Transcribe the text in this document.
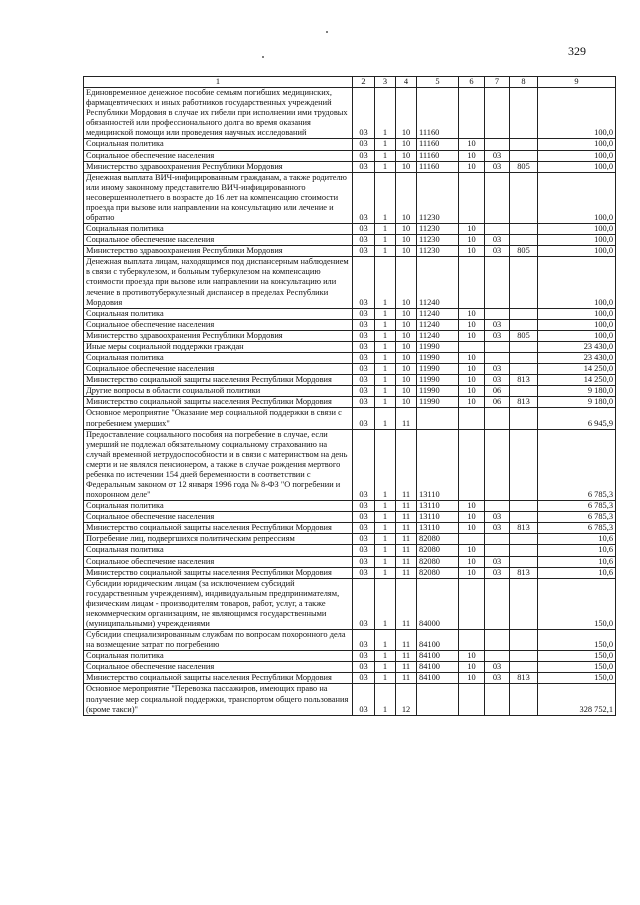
329
1	2	3	4	5	6	7	8	9
Единовременное денежное пособие семьям погибших медицинских, фармацевтических и иных работников государственных учреждений Республики Мордовия в случае их гибели при исполнении ими трудовых обязанностей или профессионального долга во время оказания медицинской помощи или проведения научных исследований	03	1	10	11160				100,0
Социальная политика	03	1	10	11160	10			100,0
Социальное обеспечение населения	03	1	10	11160	10	03		100,0
Министерство здравоохранения Республики Мордовия	03	1	10	11160	10	03	805	100,0
Денежная выплата ВИЧ-инфицированным гражданам, а также родителю или иному законному представителю ВИЧ-инфицированного несовершеннолетнего в возрасте до 16 лет на компенсацию стоимости проезда при вызове или направлении на консультацию или лечение и обратно	03	1	10	11230				100,0
Социальная политика	03	1	10	11230	10			100,0
Социальное обеспечение населения	03	1	10	11230	10	03		100,0
Министерство здравоохранения Республики Мордовия	03	1	10	11230	10	03	805	100,0
Денежная выплата лицам, находящимся под диспансерным наблюдением в связи с туберкулезом, и больным туберкулезом на компенсацию стоимости проезда при вызове или направлении на консультацию или лечение в противотуберкулезный диспансер в пределах Республики Мордовия	03	1	10	11240				100,0
Социальная политика	03	1	10	11240	10			100,0
Социальное обеспечение населения	03	1	10	11240	10	03		100,0
Министерство здравоохранения Республики Мордовия	03	1	10	11240	10	03	805	100,0
Иные меры социальной поддержки граждан	03	1	10	11990				23 430,0
Социальная политика	03	1	10	11990	10			23 430,0
Социальное обеспечение населения	03	1	10	11990	10	03		14 250,0
Министерство социальной защиты населения Республики Мордовия	03	1	10	11990	10	03	813	14 250,0
Другие вопросы в области социальной политики	03	1	10	11990	10	06		9 180,0
Министерство социальной защиты населения Республики Мордовия	03	1	10	11990	10	06	813	9 180,0
Основное мероприятие "Оказание мер социальной поддержки в связи с погребением умерших"	03	1	11					6 945,9
Предоставление социального пособия на погребение в случае, если умерший не подлежал обязательному социальному страхованию на случай временной нетрудоспособности и в связи с материнством на день смерти и не являлся пенсионером, а также в случае рождения мертвого ребенка по истечении 154 дней беременности в соответствии с Федеральным законом от 12 января 1996 года № 8-ФЗ "О погребении и похоронном деле"	03	1	11	13110				6 785,3
Социальная политика	03	1	11	13110	10			6 785,3
Социальное обеспечение населения	03	1	11	13110	10	03		6 785,3
Министерство социальной защиты населения Республики Мордовия	03	1	11	13110	10	03	813	6 785,3
Погребение лиц, подвергшихся политическим репрессиям	03	1	11	82080				10,6
Социальная политика	03	1	11	82080	10			10,6
Социальное обеспечение населения	03	1	11	82080	10	03		10,6
Министерство социальной защиты населения Республики Мордовия	03	1	11	82080	10	03	813	10,6
Субсидии юридическим лицам (за исключением субсидий государственным учреждениям), индивидуальным предпринимателям, физическим лицам - производителям товаров, работ, услуг, а также некоммерческим организациям, не являющимся государственными (муниципальными) учреждениями	03	1	11	84000				150,0
Субсидии специализированным службам по вопросам похоронного дела на возмещение затрат по погребению	03	1	11	84100				150,0
Социальная политика	03	1	11	84100	10			150,0
Социальное обеспечение населения	03	1	11	84100	10	03		150,0
Министерство социальной защиты населения Республики Мордовия	03	1	11	84100	10	03	813	150,0
Основное мероприятие "Перевозка пассажиров, имеющих право на получение мер социальной поддержки, транспортом общего пользования (кроме такси)"	03	1	12					328 752,1
